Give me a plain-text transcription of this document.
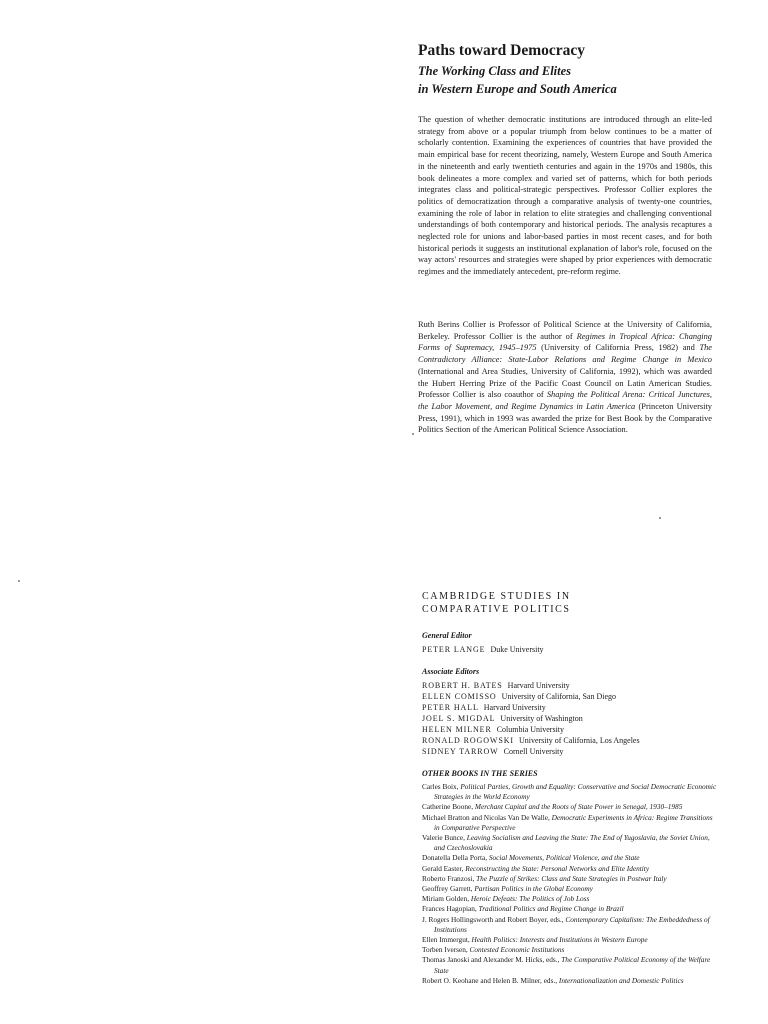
Paths toward Democracy
The Working Class and Elites
in Western Europe and South America

The question of whether democratic institutions are introduced through an elite-led strategy from above or a popular triumph from below continues to be a matter of scholarly contention. Examining the experiences of countries that have provided the main empirical base for recent theorizing, namely, Western Europe and South America in the nineteenth and early twentieth centuries and again in the 1970s and 1980s, this book delineates a more complex and varied set of patterns, which for both periods integrates class and political-strategic perspectives. Professor Collier explores the politics of democratization through a comparative analysis of twenty-one countries, examining the role of labor in relation to elite strategies and challenging conventional understandings of both contemporary and historical periods. The analysis recaptures a neglected role for unions and labor-based parties in most recent cases, and for both historical periods it suggests an institutional explanation of labor's role, focused on the way actors' resources and strategies were shaped by prior experiences with democratic regimes and the immediately antecedent, pre-reform regime.

Ruth Berins Collier is Professor of Political Science at the University of California, Berkeley. Professor Collier is the author of Regimes in Tropical Africa: Changing Forms of Supremacy, 1945–1975 (University of California Press, 1982) and The Contradictory Alliance: State-Labor Relations and Regime Change in Mexico (International and Area Studies, University of California, 1992), which was awarded the Hubert Herring Prize of the Pacific Coast Council on Latin American Studies. Professor Collier is also coauthor of Shaping the Political Arena: Critical Junctures, the Labor Movement, and Regime Dynamics in Latin America (Princeton University Press, 1991), which in 1993 was awarded the prize for Best Book by the Comparative Politics Section of the American Political Science Association.

CAMBRIDGE STUDIES IN
COMPARATIVE POLITICS

General Editor

PETER LANGE Duke University

Associate Editors

ROBERT H. BATES Harvard University

ELLEN COMISSO University of California, San Diego

PETER HALL Harvard University

JOEL S. MIGDAL University of Washington

HELEN MILNER Columbia University

RONALD ROGOWSKI University of California, Los Angeles

SIDNEY TARROW Cornell University

OTHER BOOKS IN THE SERIES

Carles Boix, Political Parties, Growth and Equality: Conservative and Social Democratic Economic Strategies in the World Economy

Catherine Boone, Merchant Capital and the Roots of State Power in Senegal, 1930–1985

Michael Bratton and Nicolas Van De Walle, Democratic Experiments in Africa: Regime Transitions in Comparative Perspective

Valerie Bunce, Leaving Socialism and Leaving the State: The End of Yugoslavia, the Soviet Union, and Czechoslovakia

Donatella Della Porta, Social Movements, Political Violence, and the State

Gerald Easter, Reconstructing the State: Personal Networks and Elite Identity

Roberto Franzosi, The Puzzle of Strikes: Class and State Strategies in Postwar Italy

Geoffrey Garrett, Partisan Politics in the Global Economy

Miriam Golden, Heroic Defeats: The Politics of Job Loss

Frances Hagopian, Traditional Politics and Regime Change in Brazil

J. Rogers Hollingsworth and Robert Boyer, eds., Contemporary Capitalism: The Embeddedness of Institutions

Ellen Immergut, Health Politics: Interests and Institutions in Western Europe

Torben Iversen, Contested Economic Institutions

Thomas Janoski and Alexander M. Hicks, eds., The Comparative Political Economy of the Welfare State

Robert O. Keohane and Helen B. Milner, eds., Internationalization and Domestic Politics
